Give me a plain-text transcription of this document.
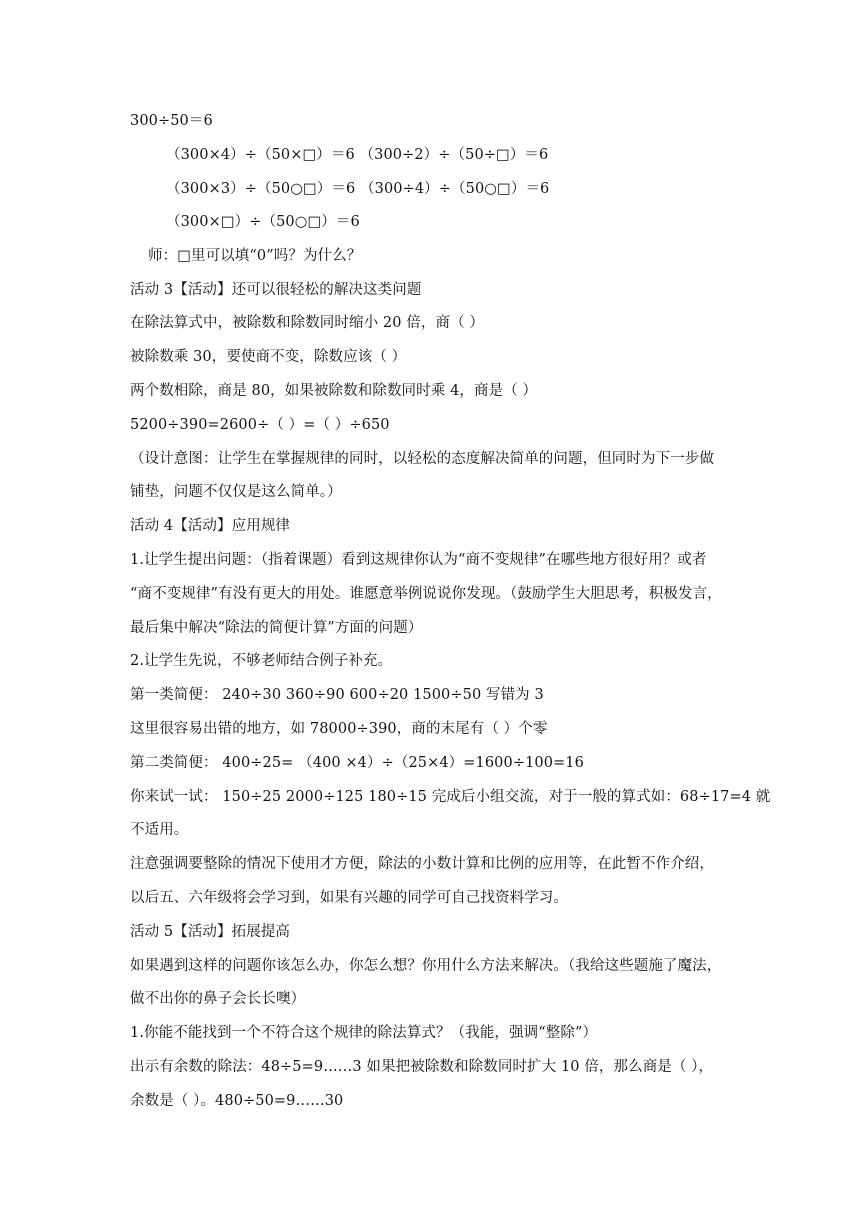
300÷50＝6
（300×4）÷（50×□）＝6 （300÷2）÷（50÷□）＝6
（300×3）÷（50○□）＝6 （300÷4）÷（50○□）＝6
（300×□）÷（50○□）＝6
师：□里可以填“0”吗？为什么？
活动 3【活动】还可以很轻松的解决这类问题
在除法算式中，被除数和除数同时缩小 20 倍，商（ ）
被除数乘 30，要使商不变，除数应该（ ）
两个数相除，商是 80，如果被除数和除数同时乘 4，商是（ ）
5200÷390=2600÷（ ）=（ ）÷650
（设计意图：让学生在掌握规律的同时，以轻松的态度解决简单的问题，但同时为下一步做
铺垫，问题不仅仅是这么简单。）
活动 4【活动】应用规律
1.让学生提出问题：（指着课题）看到这规律你认为“商不变规律”在哪些地方很好用？或者
“商不变规律”有没有更大的用处。谁愿意举例说说你发现。（鼓励学生大胆思考，积极发言，
最后集中解决“除法的简便计算”方面的问题）
2.让学生先说，不够老师结合例子补充。
第一类简便： 240÷30 360÷90 600÷20 1500÷50 写错为 3
这里很容易出错的地方，如 78000÷390，商的末尾有（ ）个零
第二类简便： 400÷25= （400 ×4）÷（25×4）=1600÷100=16
你来试一试： 150÷25 2000÷125 180÷15 完成后小组交流，对于一般的算式如：68÷17=4 就
不适用。
注意强调要整除的情况下使用才方便，除法的小数计算和比例的应用等，在此暂不作介绍，
以后五、六年级将会学习到，如果有兴趣的同学可自己找资料学习。
活动 5【活动】拓展提高
如果遇到这样的问题你该怎么办，你怎么想？你用什么方法来解决。（我给这些题施了魔法，
做不出你的鼻子会长长噢）
1.你能不能找到一个不符合这个规律的除法算式？（我能，强调“整除”）
出示有余数的除法：48÷5=9……3 如果把被除数和除数同时扩大 10 倍，那么商是（ ），
余数是（ ）。480÷50=9……30
